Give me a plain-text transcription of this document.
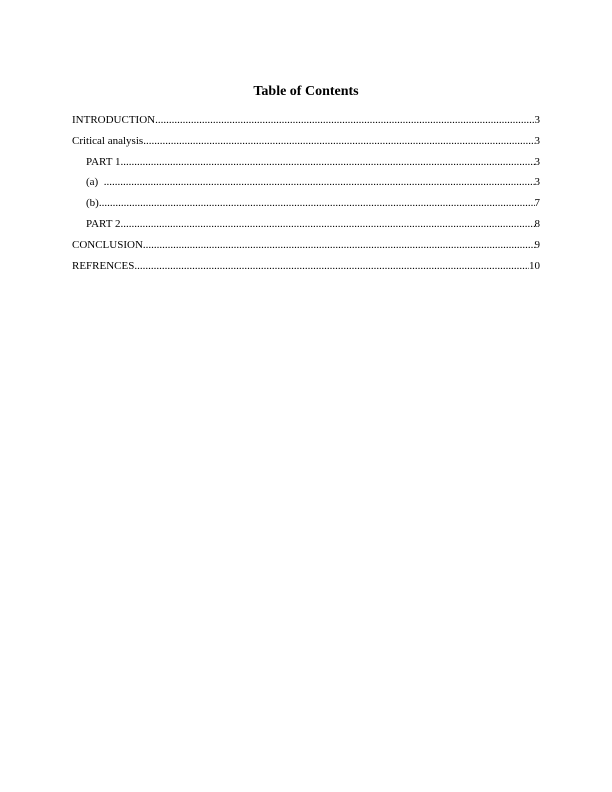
Table of Contents
INTRODUCTION .....	3
Critical analysis .....	3
PART 1 .....	3
(a) .....	3
(b) .....	7
PART 2 .....	8
CONCLUSION .....	9
REFRENCES .....	10
